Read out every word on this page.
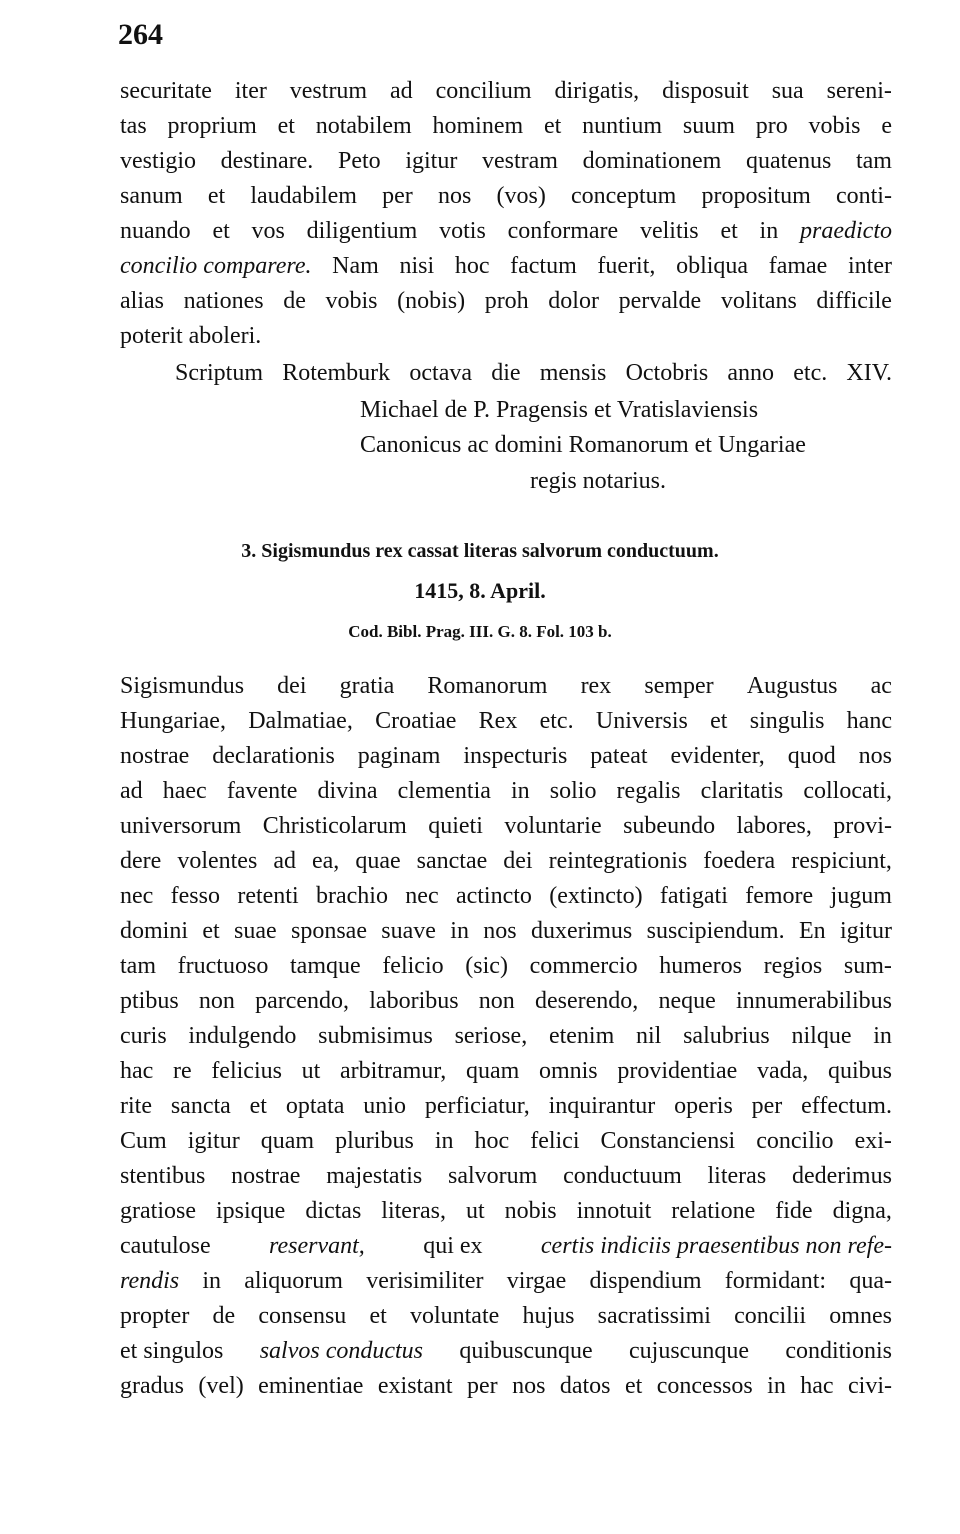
264
securitate iter vestrum ad concilium dirigatis, disposuit sua sereni-
tas proprium et notabilem hominem et nuntium suum pro vobis e
vestigio destinare. Peto igitur vestram dominationem quatenus tam
sanum et laudabilem per nos (vos) conceptum propositum conti-
nuando et vos diligentium votis conformare velitis et in praedicto
concilio comparere. Nam nisi hoc factum fuerit, obliqua famae inter
alias nationes de vobis (nobis) proh dolor pervalde volitans difficile
poterit aboleri.
Scriptum Rotemburk octava die mensis Octobris anno etc. XIV.
Michael de P. Pragensis et Vratislaviensis
Canonicus ac domini Romanorum et Ungariae
regis notarius.
3. Sigismundus rex cassat literas salvorum conductuum.
1415, 8. April.
Cod. Bibl. Prag. III. G. 8. Fol. 103 b.
Sigismundus dei gratia Romanorum rex semper Augustus ac
Hungariae, Dalmatiae, Croatiae Rex etc. Universis et singulis hanc
nostrae declarationis paginam inspecturis pateat evidenter, quod nos
ad haec favente divina clementia in solio regalis claritatis collocati,
universorum Christicolarum quieti voluntarie subeundo labores, provi-
dere volentes ad ea, quae sanctae dei reintegrationis foedera respiciunt,
nec fesso retenti brachio nec actincto (extincto) fatigati femore jugum
domini et suae sponsae suave in nos duxerimus suscipiendum. En igitur
tam fructuoso tamque felicio (sic) commercio humeros regios sum-
ptibus non parcendo, laboribus non deserendo, neque innumerabilibus
curis indulgendo submisimus seriose, etenim nil salubrius nilque in
hac re felicius ut arbitramur, quam omnis providentiae vada, quibus
rite sancta et optata unio perficiatur, inquirantur operis per effectum.
Cum igitur quam pluribus in hoc felici Constanciensi concilio exi-
stentibus nostrae majestatis salvorum conductuum literas dederimus
gratiose ipsique dictas literas, ut nobis innotuit relatione fide digna,
cautulose reservant, qui ex certis indiciis praesentibus non refe-
rendis in aliquorum verisimiliter virgae dispendium formidant: qua-
propter de consensu et voluntate hujus sacratissimi concilii omnes
et singulos salvos conductus quibuscunque cujuscunque conditionis
gradus (vel) eminentiae existant per nos datos et concessos in hac civi-
